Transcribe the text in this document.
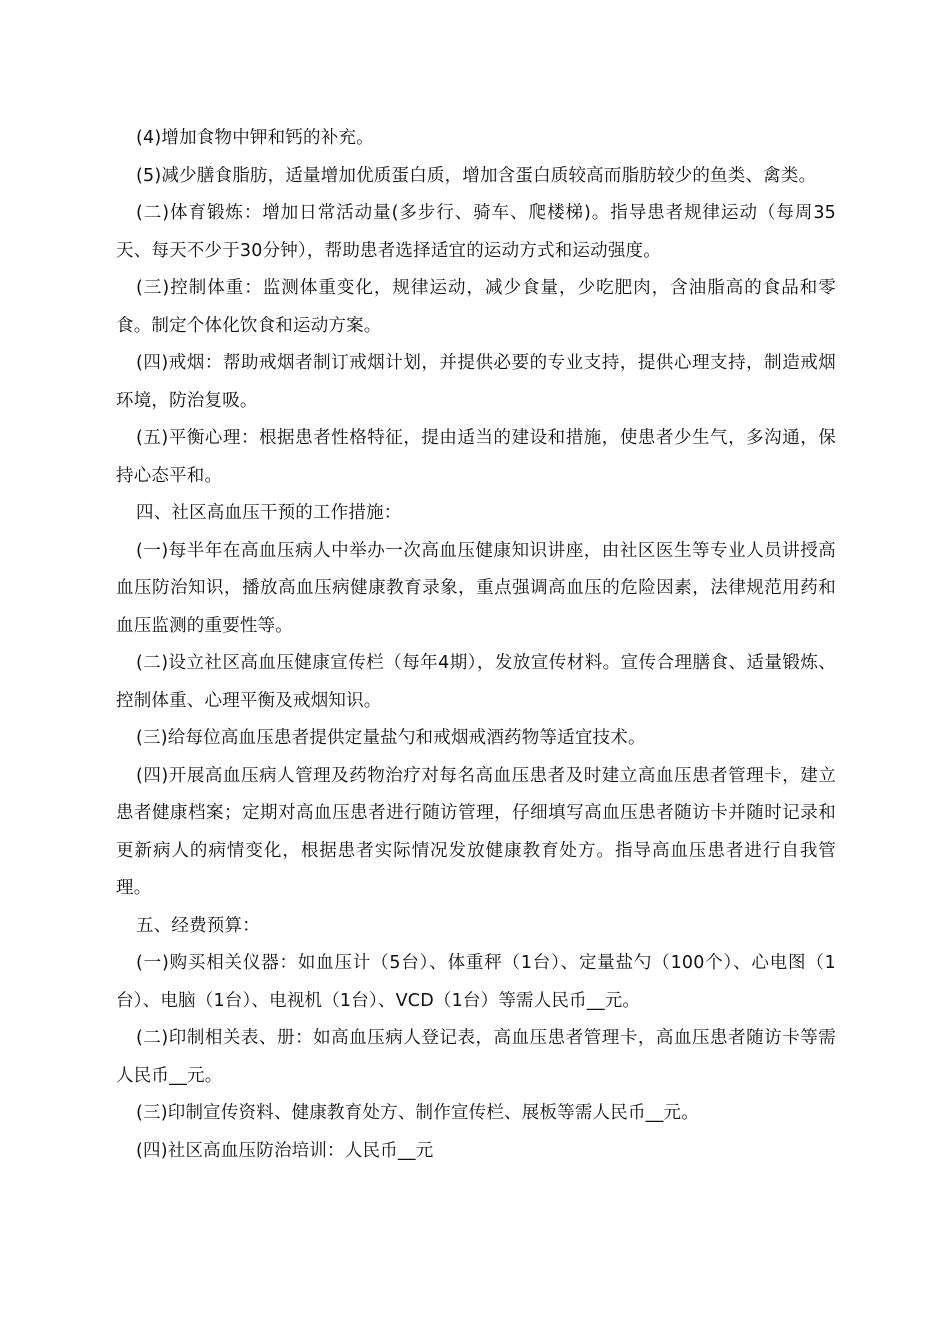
(4)增加食物中钾和钙的补充。

(5)减少膳食脂肪，适量增加优质蛋白质，增加含蛋白质较高而脂肪较少的鱼类、禽类。

(二)体育锻炼：增加日常活动量(多步行、骑车、爬楼梯)。指导患者规律运动（每周35天、每天不少于30分钟），帮助患者选择适宜的运动方式和运动强度。

(三)控制体重：监测体重变化，规律运动，减少食量，少吃肥肉，含油脂高的食品和零食。制定个体化饮食和运动方案。

(四)戒烟：帮助戒烟者制订戒烟计划，并提供必要的专业支持，提供心理支持，制造戒烟环境，防治复吸。

(五)平衡心理：根据患者性格特征，提由适当的建设和措施，使患者少生气，多沟通，保持心态平和。

四、社区高血压干预的工作措施：

(一)每半年在高血压病人中举办一次高血压健康知识讲座，由社区医生等专业人员讲授高血压防治知识，播放高血压病健康教育录象，重点强调高血压的危险因素，法律规范用药和血压监测的重要性等。

(二)设立社区高血压健康宣传栏（每年4期），发放宣传材料。宣传合理膳食、适量锻炼、控制体重、心理平衡及戒烟知识。

(三)给每位高血压患者提供定量盐勺和戒烟戒酒药物等适宜技术。

(四)开展高血压病人管理及药物治疗对每名高血压患者及时建立高血压患者管理卡，建立患者健康档案；定期对高血压患者进行随访管理，仔细填写高血压患者随访卡并随时记录和更新病人的病情变化，根据患者实际情况发放健康教育处方。指导高血压患者进行自我管理。

五、经费预算：

(一)购买相关仪器：如血压计（5台）、体重秤（1台）、定量盐勺（100个）、心电图（1台）、电脑（1台）、电视机（1台）、VCD（1台）等需人民币__元。

(二)印制相关表、册：如高血压病人登记表，高血压患者管理卡，高血压患者随访卡等需人民币__元。

(三)印制宣传资料、健康教育处方、制作宣传栏、展板等需人民币__元。

(四)社区高血压防治培训：人民币__元
